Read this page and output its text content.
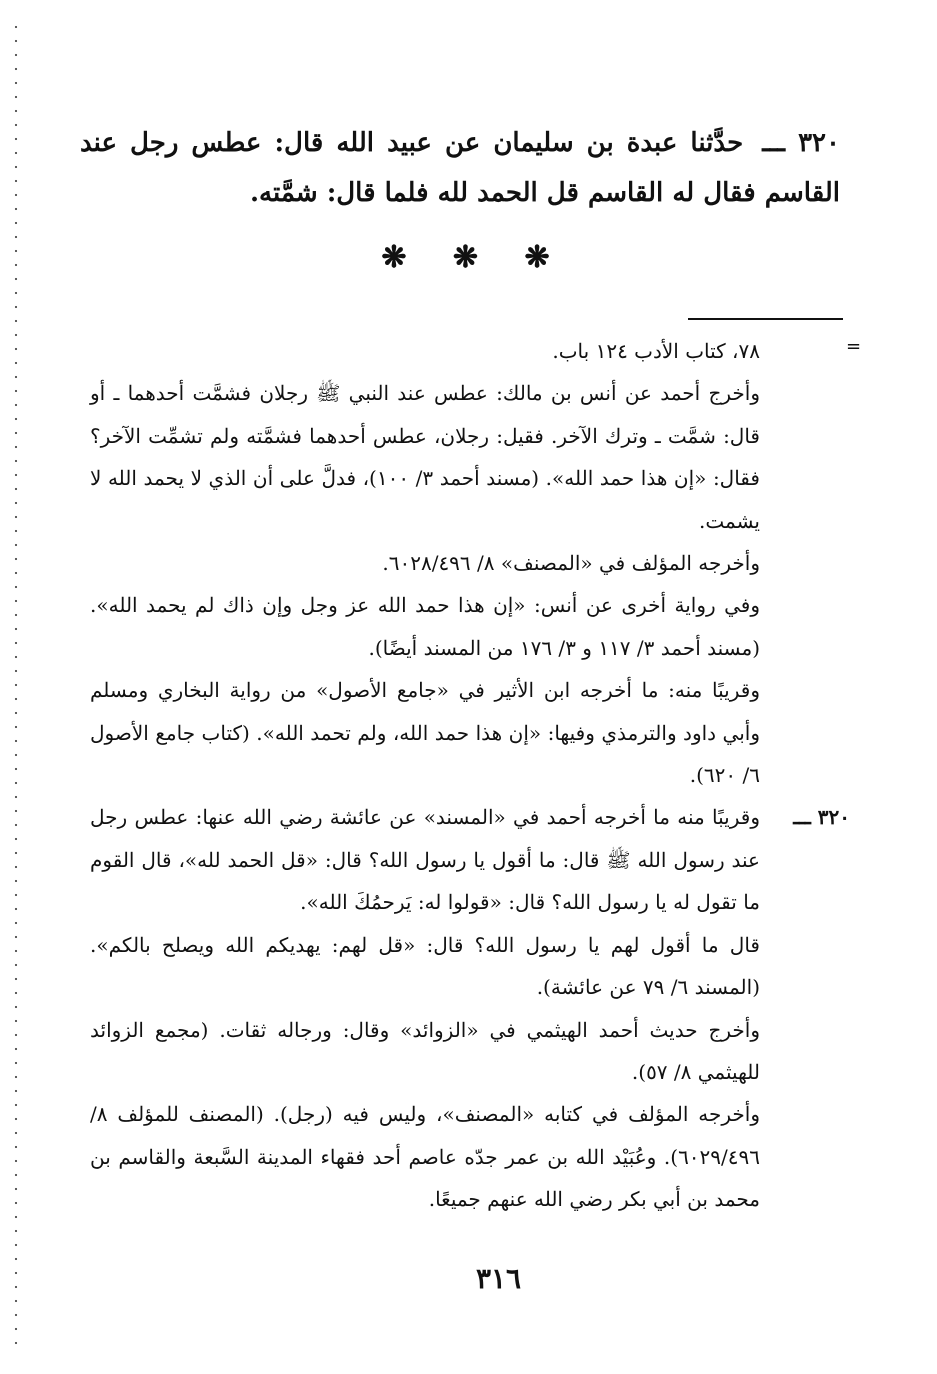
٣٢٠ ـــ حدَّثنا عبدة بن سليمان عن عبيد الله قال: عطس رجل عند القاسم فقال له القاسم قل الحمد لله فلما قال: شمَّته.
❋ ❋ ❋
=
٣٢٠ ـــ

٧٨، كتاب الأدب ١٢٤ باب.

وأخرج أحمد عن أنس بن مالك: عطس عند النبي ﷺ رجلان فشمَّت أحدهما ـ أو قال: شمَّت ـ وترك الآخر. فقيل: رجلان، عطس أحدهما فشمَّته ولم تشمِّت الآخر؟ فقال: «إن هذا حمد الله». (مسند أحمد ٣/ ١٠٠)، فدلَّ على أن الذي لا يحمد الله لا يشمت.

وأخرجه المؤلف في «المصنف» ٨/ ٦٠٢٨/٤٩٦.

وفي رواية أخرى عن أنس: «إن هذا حمد الله عز وجل وإن ذاك لم يحمد الله». (مسند أحمد ٣/ ١١٧ و ٣/ ١٧٦ من المسند أيضًا).

وقريبًا منه: ما أخرجه ابن الأثير في «جامع الأصول» من رواية البخاري ومسلم وأبي داود والترمذي وفيها: «إن هذا حمد الله، ولم تحمد الله». (كتاب جامع الأصول ٦/ ٦٢٠).

وقريبًا منه ما أخرجه أحمد في «المسند» عن عائشة رضي الله عنها: عطس رجل عند رسول الله ﷺ قال: ما أقول يا رسول الله؟ قال: «قل الحمد لله»، قال القوم ما تقول له يا رسول الله؟ قال: «قولوا له: يَرحمُكَ الله».

قال ما أقول لهم يا رسول الله؟ قال: «قل لهم: يهديكم الله ويصلح بالكم». (المسند ٦/ ٧٩ عن عائشة).

وأخرج حديث أحمد الهيثمي في «الزوائد» وقال: ورجاله ثقات. (مجمع الزوائد للهيثمي ٨/ ٥٧).

وأخرجه المؤلف في كتابه «المصنف»، وليس فيه (رجل). (المصنف للمؤلف ٨/ ٦٠٢٩/٤٩٦). وعُبَيْد الله بن عمر جدّه عاصم أحد فقهاء المدينة السَّبعة والقاسم بن محمد بن أبي بكر رضي الله عنهم جميعًا.

٣١٦
